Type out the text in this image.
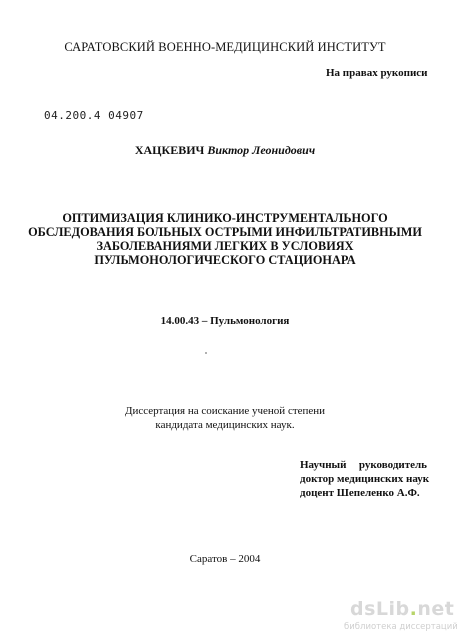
САРАТОВСКИЙ ВОЕННО-МЕДИЦИНСКИЙ ИНСТИТУТ
На правах рукописи
04.200.4 04907
ХАЦКЕВИЧ Виктор Леонидович
ОПТИМИЗАЦИЯ КЛИНИКО-ИНСТРУМЕНТАЛЬНОГО
ОБСЛЕДОВАНИЯ БОЛЬНЫХ ОСТРЫМИ ИНФИЛЬТРАТИВНЫМИ
ЗАБОЛЕВАНИЯМИ ЛЕГКИХ В УСЛОВИЯХ
ПУЛЬМОНОЛОГИЧЕСКОГО СТАЦИОНАРА
14.00.43 – Пульмонология
Диссертация на соискание ученой степени
кандидата медицинских наук.
Научный руководитель
доктор медицинских наук
доцент Шепеленко А.Ф.
Саратов – 2004
dsLib.net
библиотека диссертаций
